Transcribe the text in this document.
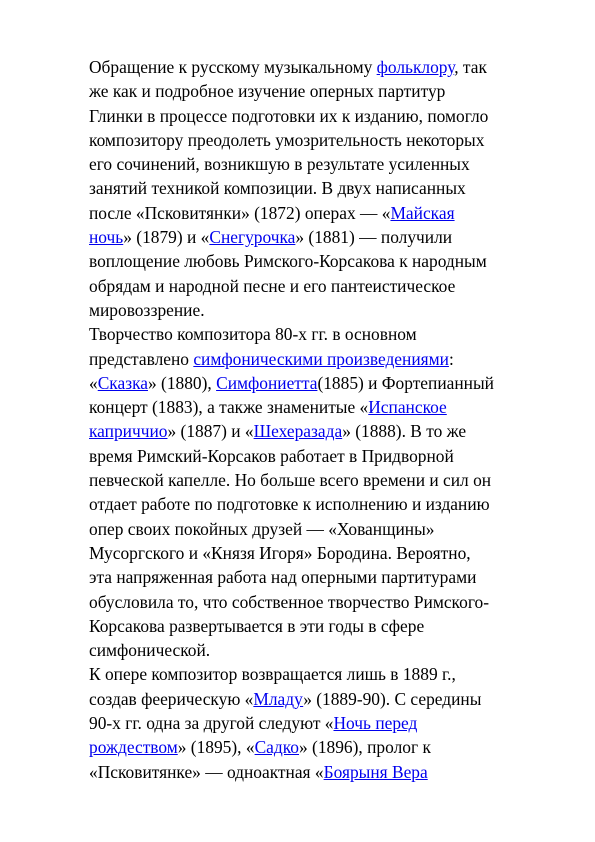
Обращение к русскому музыкальному фольклору, так
же как и подробное изучение оперных партитур
Глинки в процессе подготовки их к изданию, помогло
композитору преодолеть умозрительность некоторых
его сочинений, возникшую в результате усиленных
занятий техникой композиции. В двух написанных
после «Псковитянки» (1872) операх — «Майская
ночь» (1879) и «Снегурочка» (1881) — получили
воплощение любовь Римского-Корсакова к народным
обрядам и народной песне и его пантеистическое
мировоззрение.
Творчество композитора 80-х гг. в основном
представлено симфоническими произведениями:
«Сказка» (1880), Симфониетта(1885) и Фортепианный
концерт (1883), а также знаменитые «Испанское
каприччио» (1887) и «Шехеразада» (1888). В то же
время Римский-Корсаков работает в Придворной
певческой капелле. Но больше всего времени и сил он
отдает работе по подготовке к исполнению и изданию
опер своих покойных друзей — «Хованщины»
Мусоргского и «Князя Игоря» Бородина. Вероятно,
эта напряженная работа над оперными партитурами
обусловила то, что собственное творчество Римского-
Корсакова развертывается в эти годы в сфере
симфонической.
К опере композитор возвращается лишь в 1889 г.,
создав феерическую «Младу» (1889-90). С середины
90-х гг. одна за другой следуют «Ночь перед
рождеством» (1895), «Садко» (1896), пролог к
«Псковитянке» — одноактная «Боярыня Вера
